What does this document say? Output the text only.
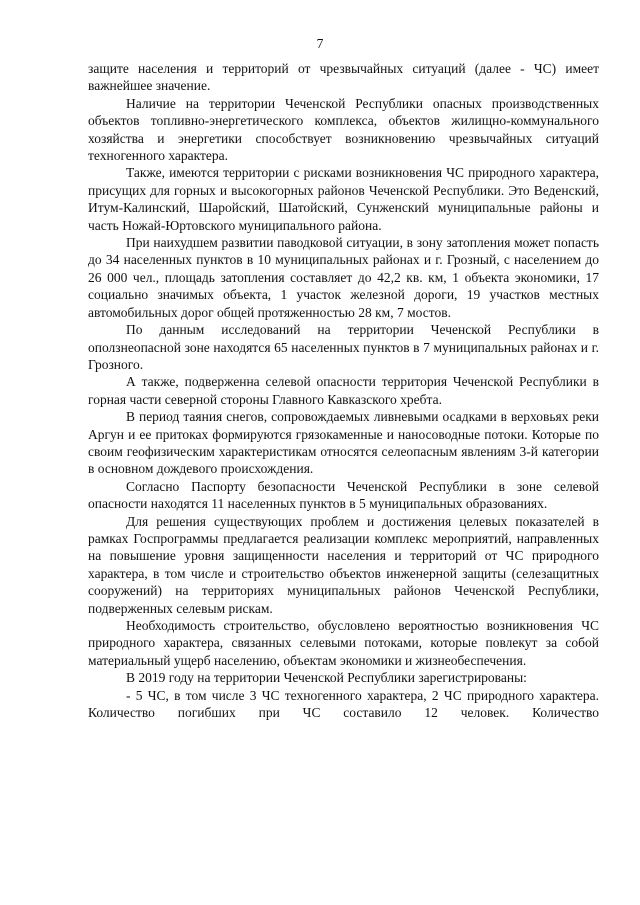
7

защите населения и территорий от чрезвычайных ситуаций (далее - ЧС) имеет важнейшее значение.

Наличие на территории Чеченской Республики опасных производственных объектов топливно-энергетического комплекса, объектов жилищно-коммунального хозяйства и энергетики способствует возникновению чрезвычайных ситуаций техногенного характера.

Также, имеются территории с рисками возникновения ЧС природного характера, присущих для горных и высокогорных районов Чеченской Республики. Это Веденский, Итум-Калинский, Шаройский, Шатойский, Сунженский муниципальные районы и часть Ножай-Юртовского муниципального района.

При наихудшем развитии паводковой ситуации, в зону затопления может попасть до 34 населенных пунктов в 10 муниципальных районах и г. Грозный, с населением до 26 000 чел., площадь затопления составляет до 42,2 кв. км, 1 объекта экономики, 17 социально значимых объекта, 1 участок железной дороги, 19 участков местных автомобильных дорог общей протяженностью 28 км, 7 мостов.

По данным исследований на территории Чеченской Республики в оползнеопасной зоне находятся 65 населенных пунктов в 7 муниципальных районах и г. Грозного.

А также, подверженна селевой опасности территория Чеченской Республики в горная части северной стороны Главного Кавказского хребта.

В период таяния снегов, сопровождаемых ливневыми осадками в верховьях реки Аргун и ее притоках формируются грязокаменные и наносоводные потоки. Которые по своим геофизическим характеристикам относятся селеопасным явлениям 3-й категории в основном дождевого происхождения.

Согласно Паспорту безопасности Чеченской Республики в зоне селевой опасности находятся 11 населенных пунктов в 5 муниципальных образованиях.

Для решения существующих проблем и достижения целевых показателей в рамках Госпрограммы предлагается реализации комплекс мероприятий, направленных на повышение уровня защищенности населения и территорий от ЧС природного характера, в том числе и строительство объектов инженерной защиты (селезащитных сооружений) на территориях муниципальных районов Чеченской Республики, подверженных селевым рискам.

Необходимость строительство, обусловлено вероятностью возникновения ЧС природного характера, связанных селевыми потоками, которые повлекут за собой материальный ущерб населению, объектам экономики и жизнеобеспечения.

В 2019 году на территории Чеченской Республики зарегистрированы:

- 5 ЧС, в том числе 3 ЧС техногенного характера, 2 ЧС природного характера. Количество погибших при ЧС составило 12 человек. Количество
